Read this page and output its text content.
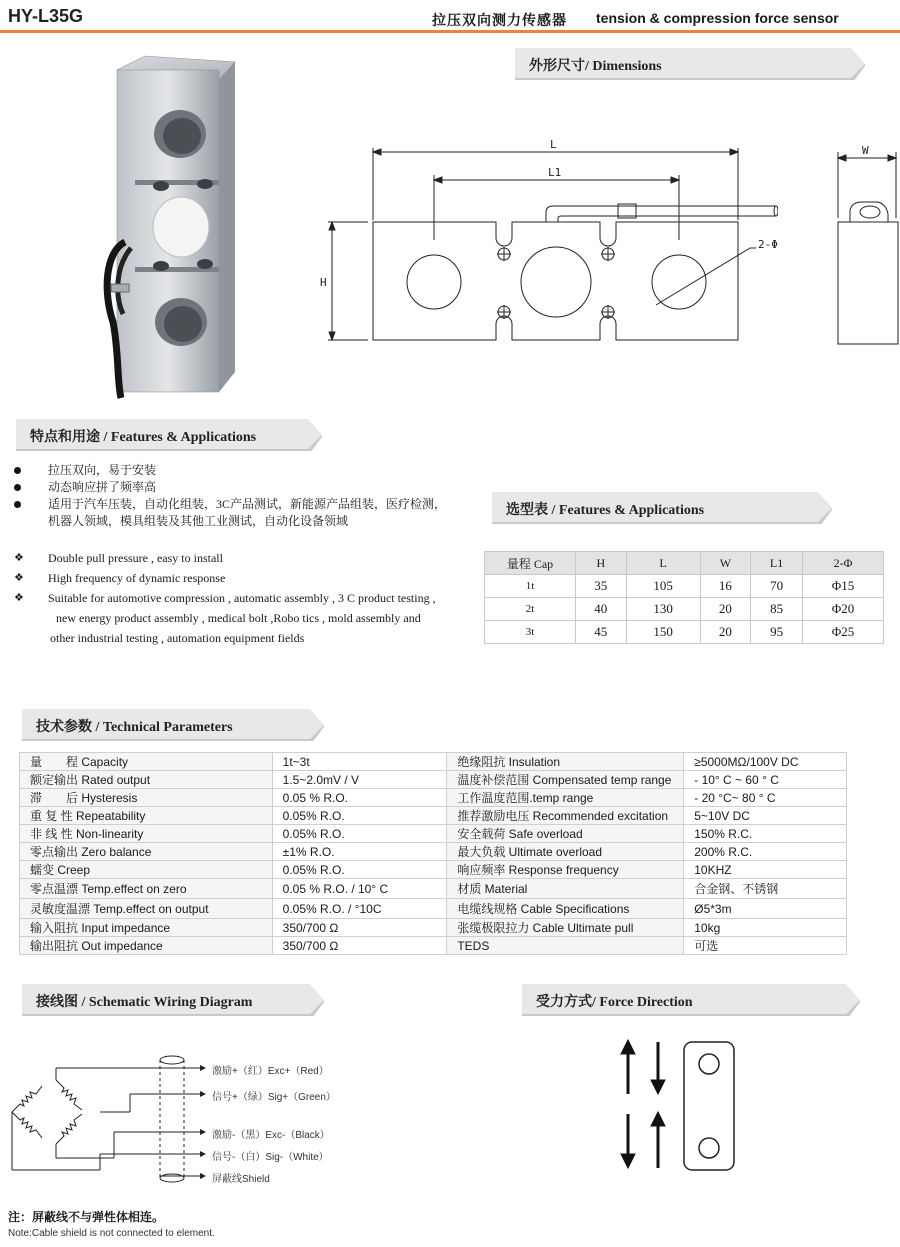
HY-L35G	拉压双向测力传感器 tension & compression force sensor
外形尺寸/ Dimensions
L
L1
H
2-Φ
W
特点和用途 / Features & Applications
拉压双向，易于安装
动态响应拼了频率高
适用于汽车压装，自动化组装，3C产品测试，新能源产品组装，医疗检测，
机器人领域，模具组装及其他工业测试，自动化设备领域
❖ Double pull pressure , easy to install
❖ High frequency of dynamic response
❖ Suitable for automotive compression , automatic assembly , 3 C product testing ,
new energy product assembly , medical bolt ,Robo tics , mold assembly and
other industrial testing , automation equipment fields
选型表 / Features & Applications
量程 Cap	H	L	W	L1	2-Φ
1t	35	105	16	70	Φ15
2t	40	130	20	85	Φ20
3t	45	150	20	95	Φ25
技术参数 / Technical Parameters
量　　程 Capacity	1t~3t	绝缘阻抗 Insulation	≥5000MΩ/100V DC
额定输出 Rated output	1.5~2.0mV / V	温度补偿范围 Compensated temp range	- 10° C ~ 60 ° C
滞　　后 Hysteresis	0.05 % R.O.	工作温度范围.temp range	- 20 °C~ 80 ° C
重 复 性 Repeatability	0.05% R.O.	推荐激励电压 Recommended excitation	5~10V DC
非 线 性 Non-linearity	0.05% R.O.	安全载荷 Safe overload	150% R.C.
零点输出 Zero balance	±1% R.O.	最大负载 Ultimate overload	200% R.C.
蠕变 Creep	0.05% R.O.	响应频率 Response frequency	10KHZ
零点温漂 Temp.effect on zero	0.05 % R.O. / 10° C	材质 Material	合金钢、不锈钢
灵敏度温漂 Temp.effect on output	0.05% R.O. / °10C	电缆线规格 Cable Specifications	Ø5*3m
输入阻抗 Input impedance	350/700 Ω	张缆极限拉力 Cable Ultimate pull	10kg
输出阻抗 Out impedance	350/700 Ω	TEDS	可选
接线图 / Schematic Wiring Diagram	受力方式/ Force Direction
激励+（红）Exc+（Red）
信号+（绿）Sig+（Green）
激励-（黑）Exc-（Black）
信号-（白）Sig-（White）
屏蔽线Shield
注：屏蔽线不与弹性体相连。
Note:Cable shield is not connected to element.
